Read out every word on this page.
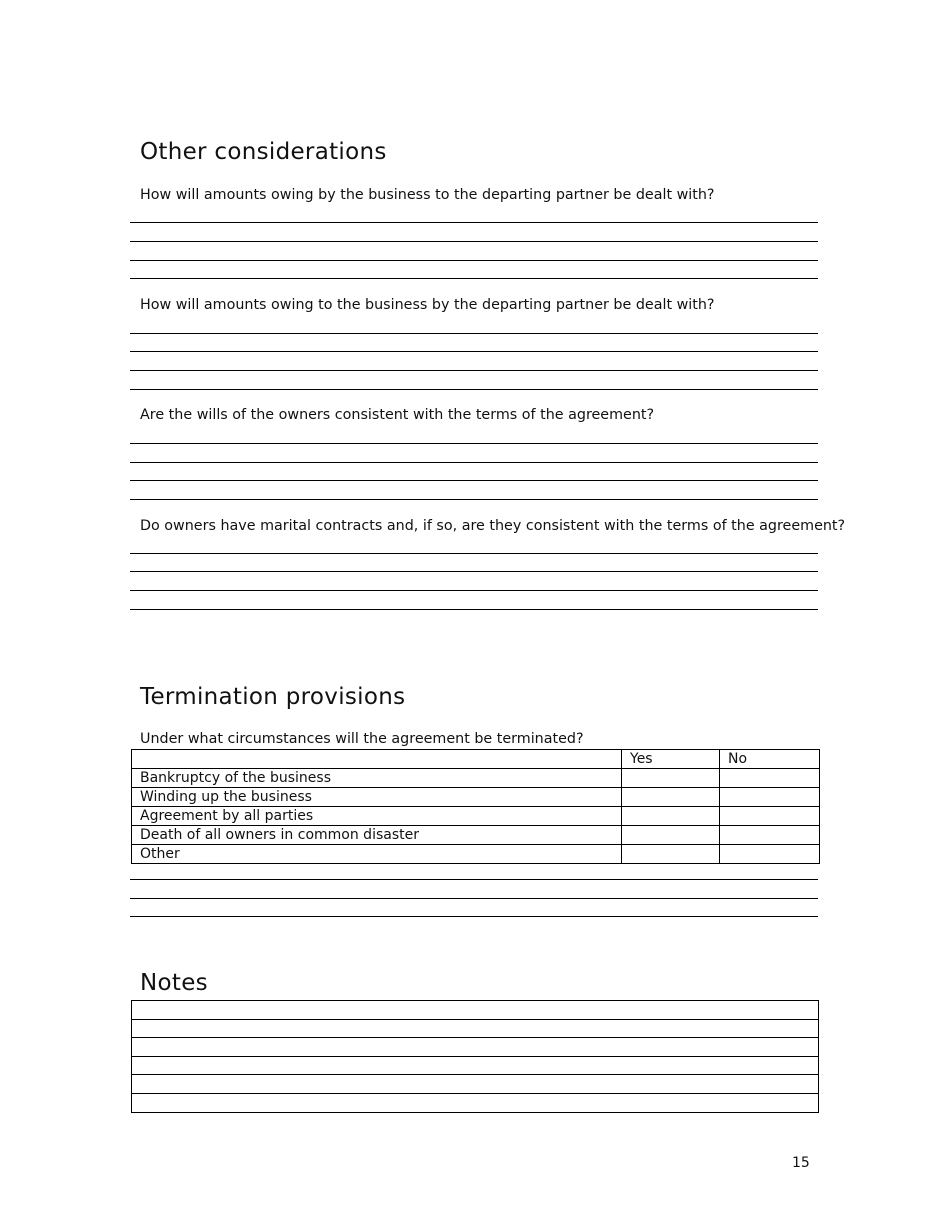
Other considerations

How will amounts owing by the business to the departing partner be dealt with?

How will amounts owing to the business by the departing partner be dealt with?

Are the wills of the owners consistent with the terms of the agreement?

Do owners have marital contracts and, if so, are they consistent with the terms of the agreement?

Termination provisions

Under what circumstances will the agreement be terminated?

	Yes	No
Bankruptcy of the business		
Winding up the business		
Agreement by all parties		
Death of all owners in common disaster		
Other		
Notes

15
